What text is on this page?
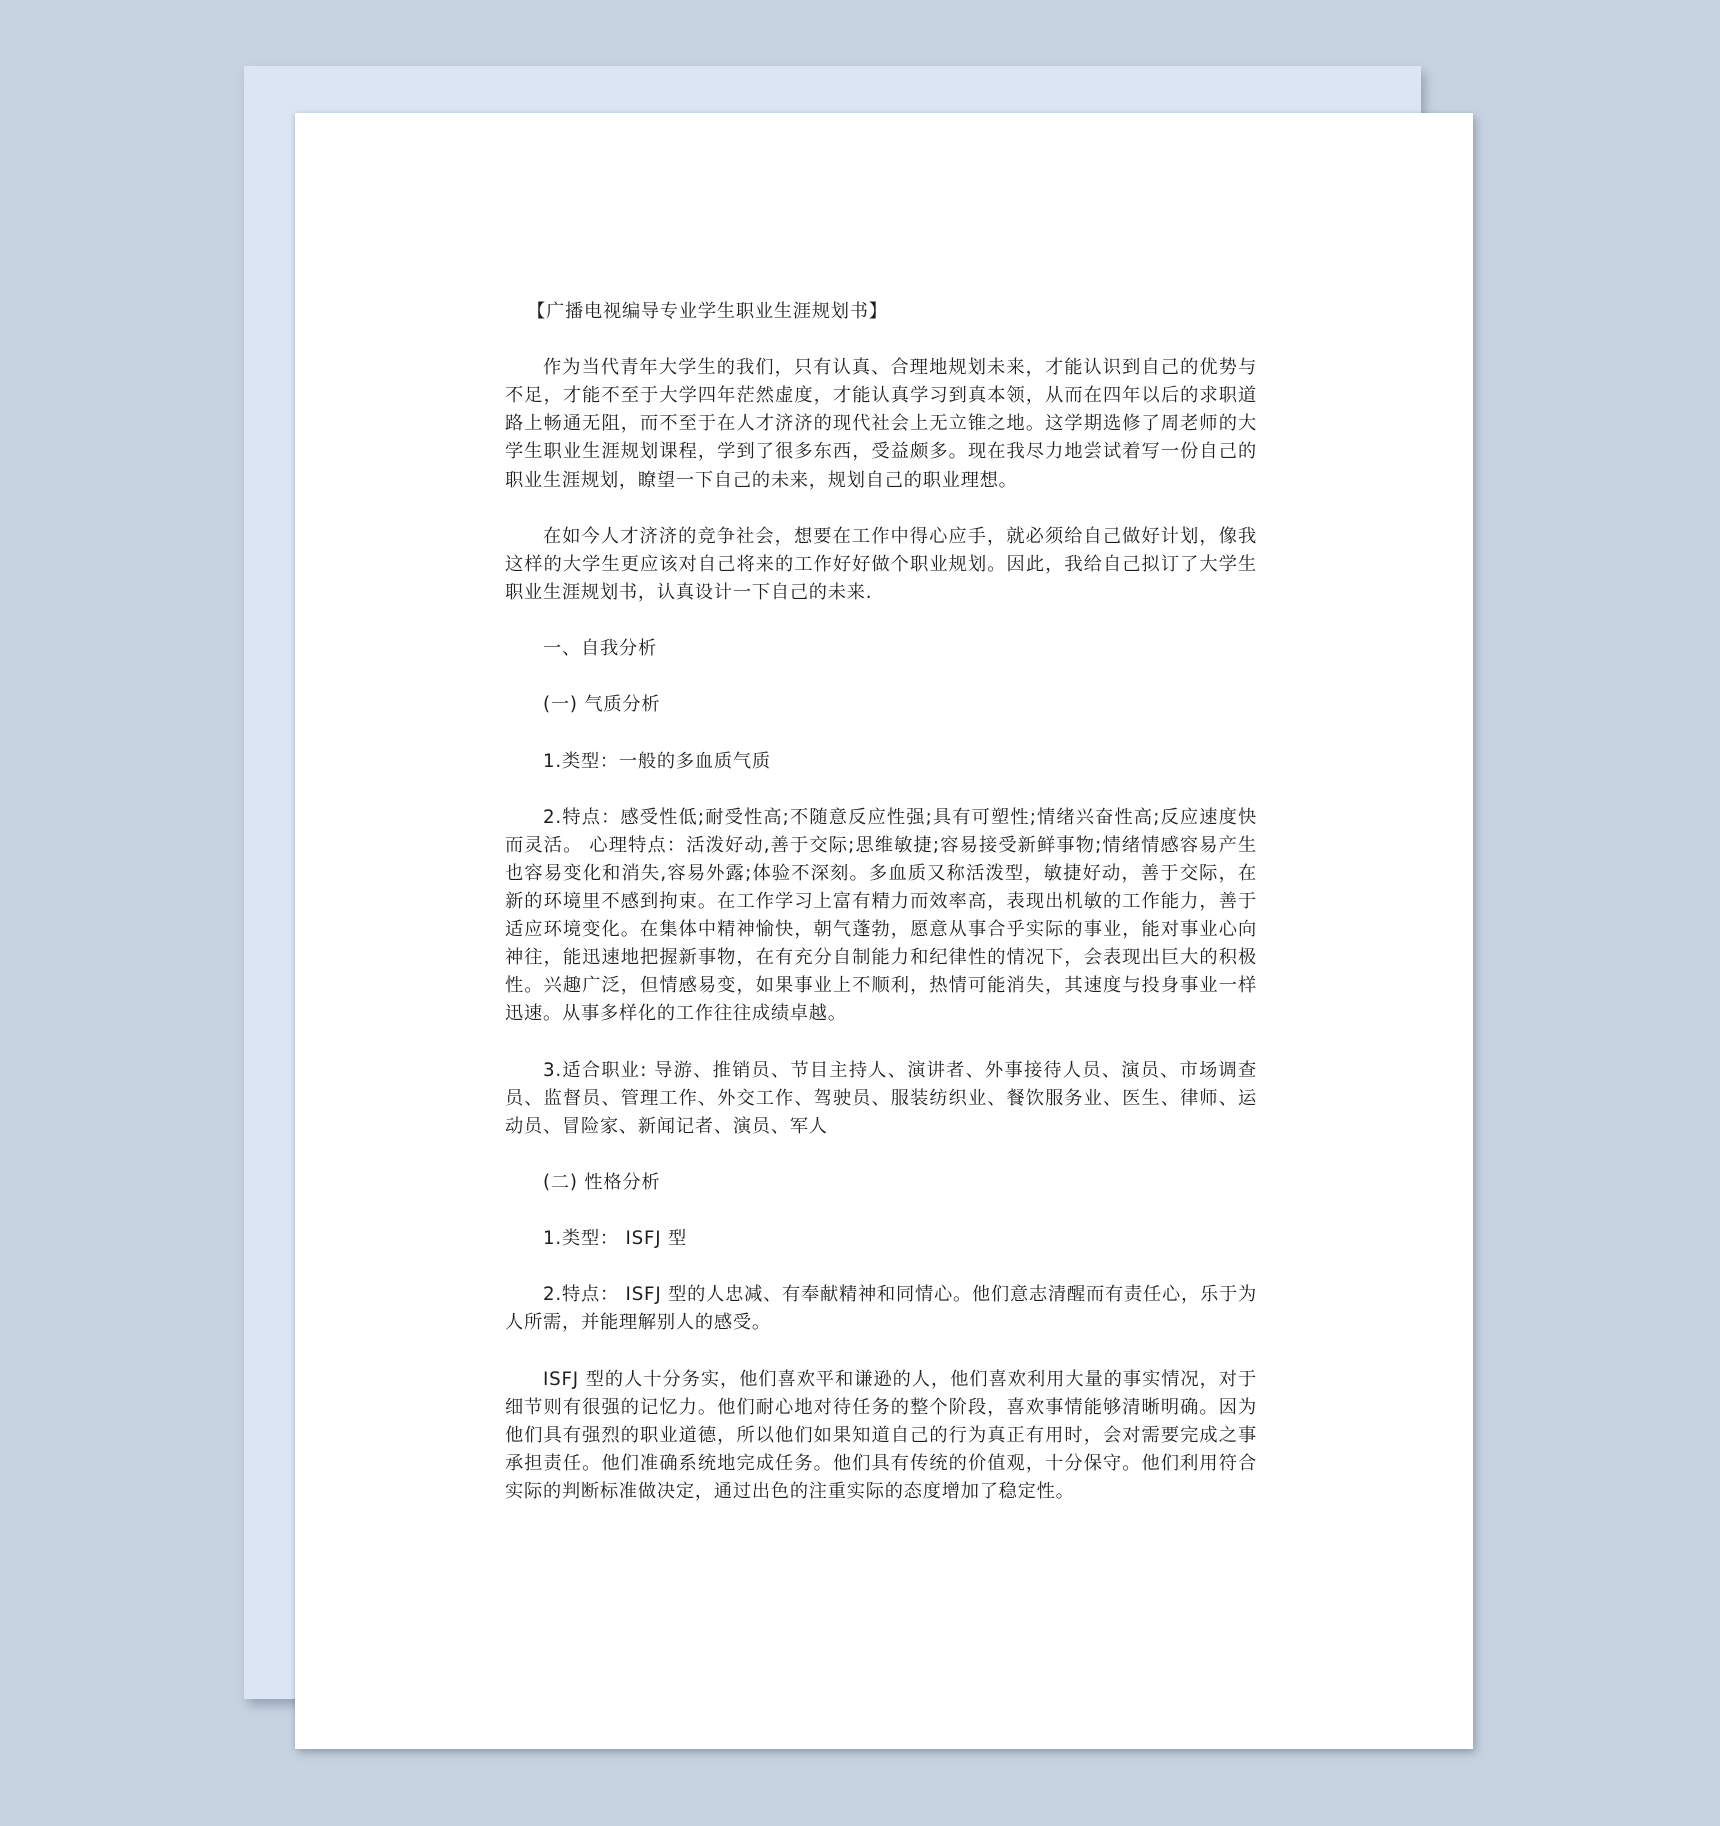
【广播电视编导专业学生职业生涯规划书】

作为当代青年大学生的我们，只有认真、合理地规划未来，才能认识到自己的优势与不足，才能不至于大学四年茫然虚度，才能认真学习到真本领，从而在四年以后的求职道路上畅通无阻，而不至于在人才济济的现代社会上无立锥之地。这学期选修了周老师的大学生职业生涯规划课程，学到了很多东西，受益颇多。现在我尽力地尝试着写一份自己的职业生涯规划，瞭望一下自己的未来，规划自己的职业理想。

在如今人才济济的竞争社会，想要在工作中得心应手，就必须给自己做好计划，像我这样的大学生更应该对自己将来的工作好好做个职业规划。因此，我给自己拟订了大学生职业生涯规划书，认真设计一下自己的未来.

一、自我分析

(一) 气质分析

1.类型：一般的多血质气质

2.特点：感受性低;耐受性高;不随意反应性强;具有可塑性;情绪兴奋性高;反应速度快而灵活。 心理特点：活泼好动,善于交际;思维敏捷;容易接受新鲜事物;情绪情感容易产生也容易变化和消失,容易外露;体验不深刻。多血质又称活泼型，敏捷好动，善于交际，在新的环境里不感到拘束。在工作学习上富有精力而效率高，表现出机敏的工作能力，善于适应环境变化。在集体中精神愉快，朝气蓬勃，愿意从事合乎实际的事业，能对事业心向神往，能迅速地把握新事物，在有充分自制能力和纪律性的情况下，会表现出巨大的积极性。兴趣广泛，但情感易变，如果事业上不顺利，热情可能消失，其速度与投身事业一样迅速。从事多样化的工作往往成绩卓越。

3.适合职业: 导游、推销员、节目主持人、演讲者、外事接待人员、演员、市场调查员、监督员、管理工作、外交工作、驾驶员、服装纺织业、餐饮服务业、医生、律师、运动员、冒险家、新闻记者、演员、军人

(二) 性格分析

1.类型： ISFJ 型

2.特点： ISFJ 型的人忠减、有奉献精神和同情心。他们意志清醒而有责任心，乐于为人所需，并能理解别人的感受。

ISFJ 型的人十分务实，他们喜欢平和谦逊的人，他们喜欢利用大量的事实情况，对于细节则有很强的记忆力。他们耐心地对待任务的整个阶段，喜欢事情能够清晰明确。因为他们具有强烈的职业道德，所以他们如果知道自己的行为真正有用时，会对需要完成之事承担责任。他们准确系统地完成任务。他们具有传统的价值观，十分保守。他们利用符合实际的判断标准做决定，通过出色的注重实际的态度增加了稳定性。
